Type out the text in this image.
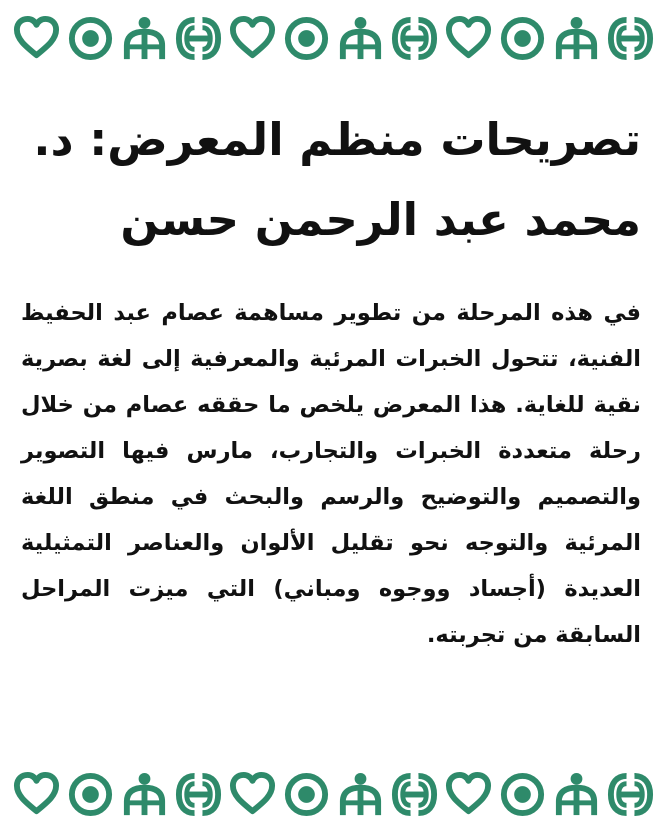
تصريحات منظم المعرض: د. محمد عبد الرحمن حسن

في هذه المرحلة من تطوير مساهمة عصام عبد الحفيظ الفنية، تتحول الخبرات المرئية والمعرفية إلى لغة بصرية نقية للغاية. هذا المعرض يلخص ما حققه عصام من خلال رحلة متعددة الخبرات والتجارب، مارس فيها التصوير والتصميم والتوضيح والرسم والبحث في منطق اللغة المرئية والتوجه نحو تقليل الألوان والعناصر التمثيلية العديدة (أجساد ووجوه ومباني) التي ميزت المراحل السابقة من تجربته.
